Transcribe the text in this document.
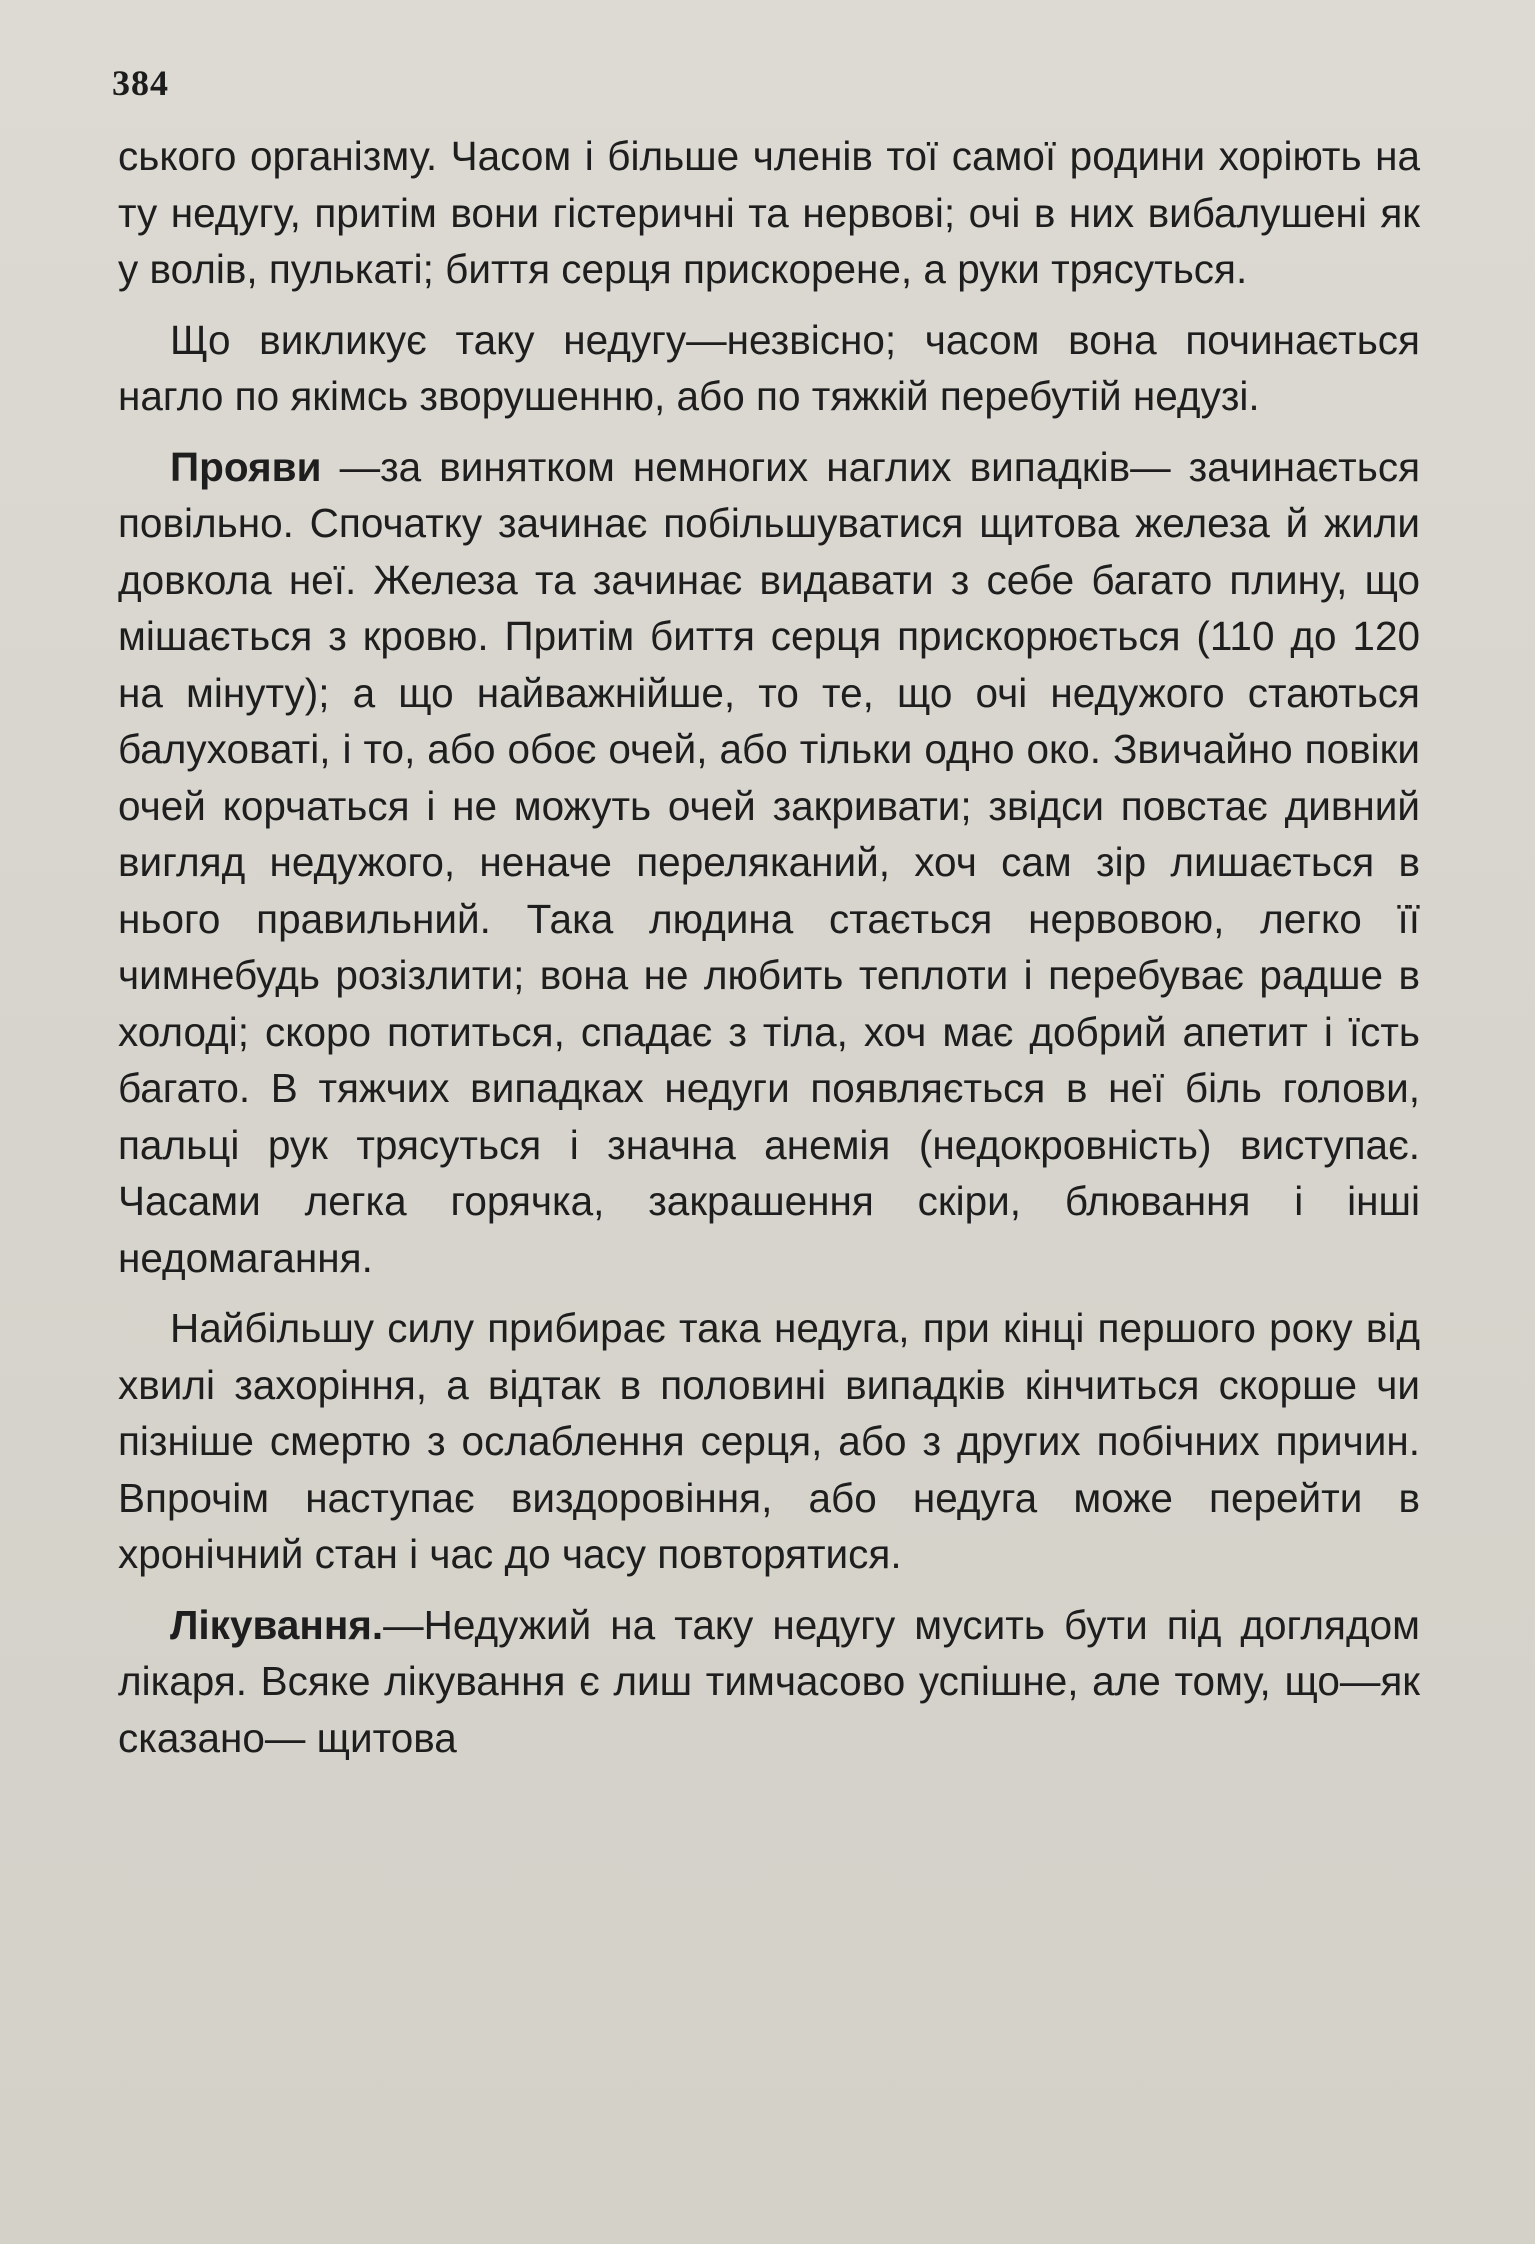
384

ського організму. Часом і більше членів тої самої родини хоріють на ту недугу, притім вони гістеричні та нервові; очі в них вибалушені як у волів, пулькаті; биття серця прискорене, а руки трясуться.

Що викликує таку недугу—незвісно; часом вона починається нагло по якімсь зворушенню, або по тяжкій перебутій недузі.

Прояви —за винятком немногих наглих випадків— зачинається повільно. Спочатку зачинає побільшуватися щитова железа й жили довкола неї. Железа та зачинає видавати з себе багато плину, що мішається з кровю. Притім биття серця прискорюється (110 до 120 на мінуту); а що найважнійше, то те, що очі недужого стаються балуховаті, і то, або обоє очей, або тільки одно око. Звичайно повіки очей корчаться і не можуть очей закривати; звідси повстає дивний вигляд недужого, неначе переляканий, хоч сам зір лишається в нього правильний. Така людина стається нервовою, легко її чимнебудь розізлити; вона не любить теплоти і перебуває радше в холоді; скоро потиться, спадає з тіла, хоч має добрий апетит і їсть багато. В тяжчих випадках недуги появляється в неї біль голови, пальці рук трясуться і значна анемія (недокровність) виступає. Часами легка горячка, закрашення скіри, блювання і інші недомагання.

Найбільшу силу прибирає така недуга, при кінці першого року від хвилі захоріння, а відтак в половині випадків кінчиться скорше чи пізніше смертю з ослаблення серця, або з других побічних причин. Впрочім наступає виздоровіння, або недуга може перейти в хронічний стан і час до часу повторятися.

Лікування.—Недужий на таку недугу мусить бути під доглядом лікаря. Всяке лікування є лиш тимчасово успішне, але тому, що—як сказано— щитова
